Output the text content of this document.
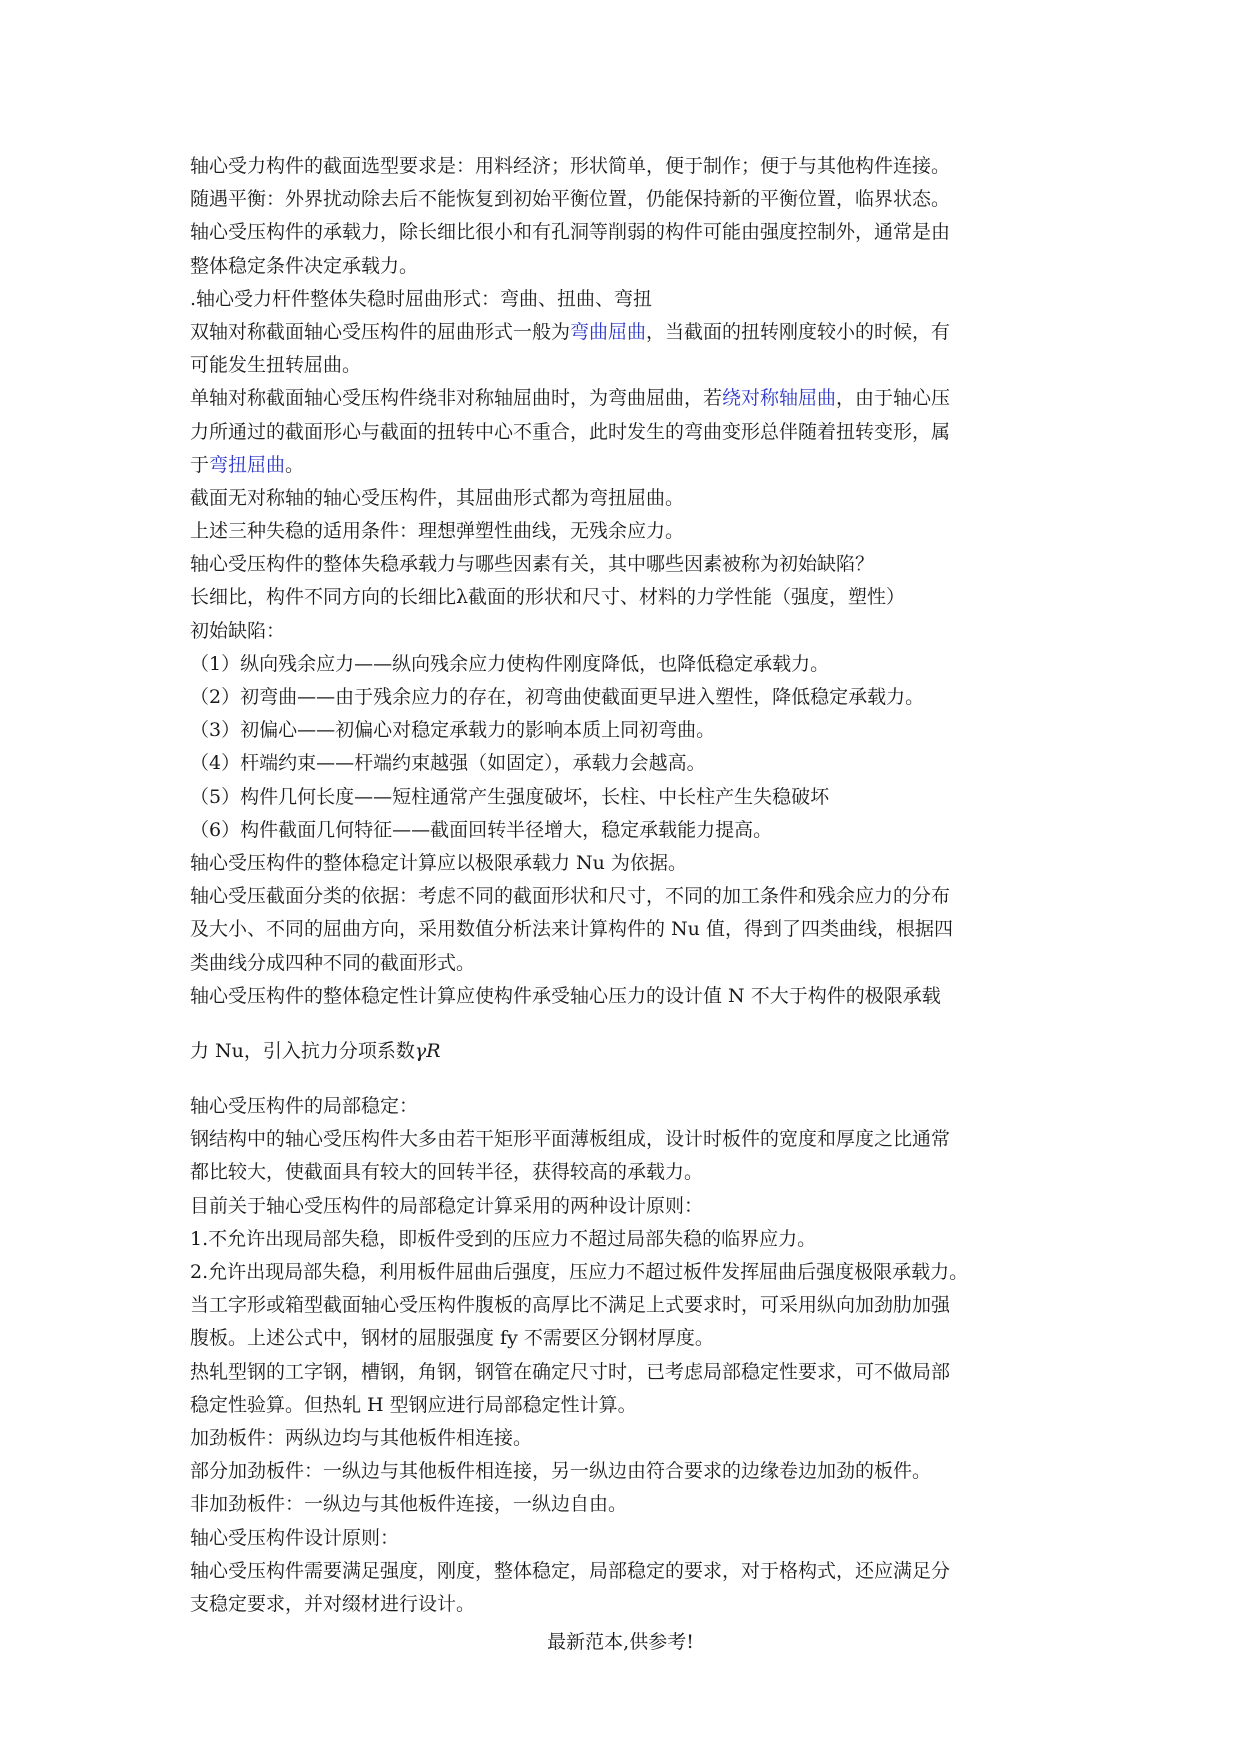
轴心受力构件的截面选型要求是：用料经济；形状简单，便于制作；便于与其他构件连接。
随遇平衡：外界扰动除去后不能恢复到初始平衡位置，仍能保持新的平衡位置，临界状态。
轴心受压构件的承载力，除长细比很小和有孔洞等削弱的构件可能由强度控制外，通常是由
整体稳定条件决定承载力。
.轴心受力杆件整体失稳时屈曲形式：弯曲、扭曲、弯扭
双轴对称截面轴心受压构件的屈曲形式一般为弯曲屈曲，当截面的扭转刚度较小的时候，有
可能发生扭转屈曲。
单轴对称截面轴心受压构件绕非对称轴屈曲时，为弯曲屈曲，若绕对称轴屈曲，由于轴心压
力所通过的截面形心与截面的扭转中心不重合，此时发生的弯曲变形总伴随着扭转变形，属
于弯扭屈曲。
截面无对称轴的轴心受压构件，其屈曲形式都为弯扭屈曲。
上述三种失稳的适用条件：理想弹塑性曲线，无残余应力。
轴心受压构件的整体失稳承载力与哪些因素有关，其中哪些因素被称为初始缺陷？
长细比，构件不同方向的长细比λ截面的形状和尺寸、材料的力学性能（强度，塑性）
初始缺陷：
（1）纵向残余应力——纵向残余应力使构件刚度降低，也降低稳定承载力。
（2）初弯曲——由于残余应力的存在，初弯曲使截面更早进入塑性，降低稳定承载力。
（3）初偏心——初偏心对稳定承载力的影响本质上同初弯曲。
（4）杆端约束——杆端约束越强（如固定），承载力会越高。
（5）构件几何长度——短柱通常产生强度破坏，长柱、中长柱产生失稳破坏
（6）构件截面几何特征——截面回转半径增大，稳定承载能力提高。
轴心受压构件的整体稳定计算应以极限承载力 Nu 为依据。
轴心受压截面分类的依据：考虑不同的截面形状和尺寸，不同的加工条件和残余应力的分布
及大小、不同的屈曲方向，采用数值分析法来计算构件的 Nu 值，得到了四类曲线，根据四
类曲线分成四种不同的截面形式。
轴心受压构件的整体稳定性计算应使构件承受轴心压力的设计值 N 不大于构件的极限承载
力 Nu，引入抗力分项系数γR
轴心受压构件的局部稳定：
钢结构中的轴心受压构件大多由若干矩形平面薄板组成，设计时板件的宽度和厚度之比通常
都比较大，使截面具有较大的回转半径，获得较高的承载力。
目前关于轴心受压构件的局部稳定计算采用的两种设计原则：
1.不允许出现局部失稳，即板件受到的压应力不超过局部失稳的临界应力。
2.允许出现局部失稳，利用板件屈曲后强度，压应力不超过板件发挥屈曲后强度极限承载力。
当工字形或箱型截面轴心受压构件腹板的高厚比不满足上式要求时，可采用纵向加劲肋加强
腹板。上述公式中，钢材的屈服强度 fy 不需要区分钢材厚度。
热轧型钢的工字钢，槽钢，角钢，钢管在确定尺寸时，已考虑局部稳定性要求，可不做局部
稳定性验算。但热轧 H 型钢应进行局部稳定性计算。
加劲板件：两纵边均与其他板件相连接。
部分加劲板件：一纵边与其他板件相连接，另一纵边由符合要求的边缘卷边加劲的板件。
非加劲板件：一纵边与其他板件连接，一纵边自由。
轴心受压构件设计原则：
轴心受压构件需要满足强度，刚度，整体稳定，局部稳定的要求，对于格构式，还应满足分
支稳定要求，并对缀材进行设计。
最新范本,供参考!
